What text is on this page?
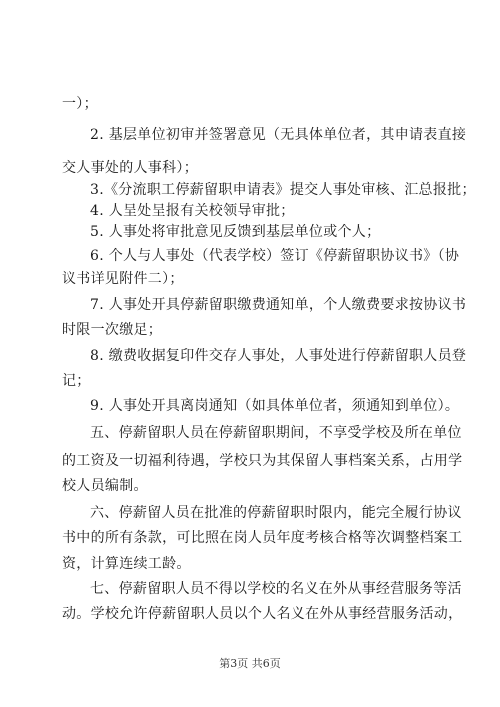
一）；
2. 基层单位初审并签署意见（无具体单位者，其申请表直接
交人事处的人事科）；
3.《分流职工停薪留职申请表》提交人事处审核、汇总报批；
4. 人呈处呈报有关校领导审批；
5. 人事处将审批意见反馈到基层单位或个人；
6. 个人与人事处（代表学校）签订《停薪留职协议书》（协
议书详见附件二）；
7. 人事处开具停薪留职缴费通知单，个人缴费要求按协议书
时限一次缴足；
8. 缴费收据复印件交存人事处，人事处进行停薪留职人员登
记；
9. 人事处开具离岗通知（如具体单位者，须通知到单位）。
五、停薪留职人员在停薪留职期间，不享受学校及所在单位
的工资及一切福利待遇，学校只为其保留人事档案关系，占用学
校人员编制。
六、停薪留人员在批准的停薪留职时限内，能完全履行协议
书中的所有条款，可比照在岗人员年度考核合格等次调整档案工
资，计算连续工龄。
七、停薪留职人员不得以学校的名义在外从事经营服务等活
动。学校允许停薪留职人员以个人名义在外从事经营服务活动，
第3页 共6页
